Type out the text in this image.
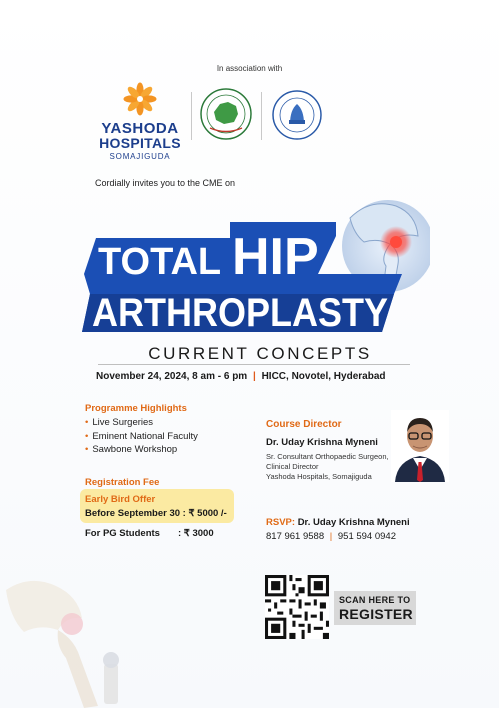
In association with
YASHODA
HOSPITALS
SOMAJIGUDA
Cordially invites you to the CME on
TOTAL HIP
ARTHROPLASTY
CURRENT CONCEPTS
November 24, 2024, 8 am - 6 pm | HICC, Novotel, Hyderabad
Programme Highlights
• Live Surgeries
• Eminent National Faculty
• Sawbone Workshop
Registration Fee
Early Bird Offer
Before September 30 : ₹ 5000 /-
For PG Students : ₹ 3000
Course Director
Dr. Uday Krishna Myneni
Sr. Consultant Orthopaedic Surgeon,
Clinical Director
Yashoda Hospitals, Somajiguda
RSVP: Dr. Uday Krishna Myneni
817 961 9588 | 951 594 0942
SCAN HERE TO
REGISTER
